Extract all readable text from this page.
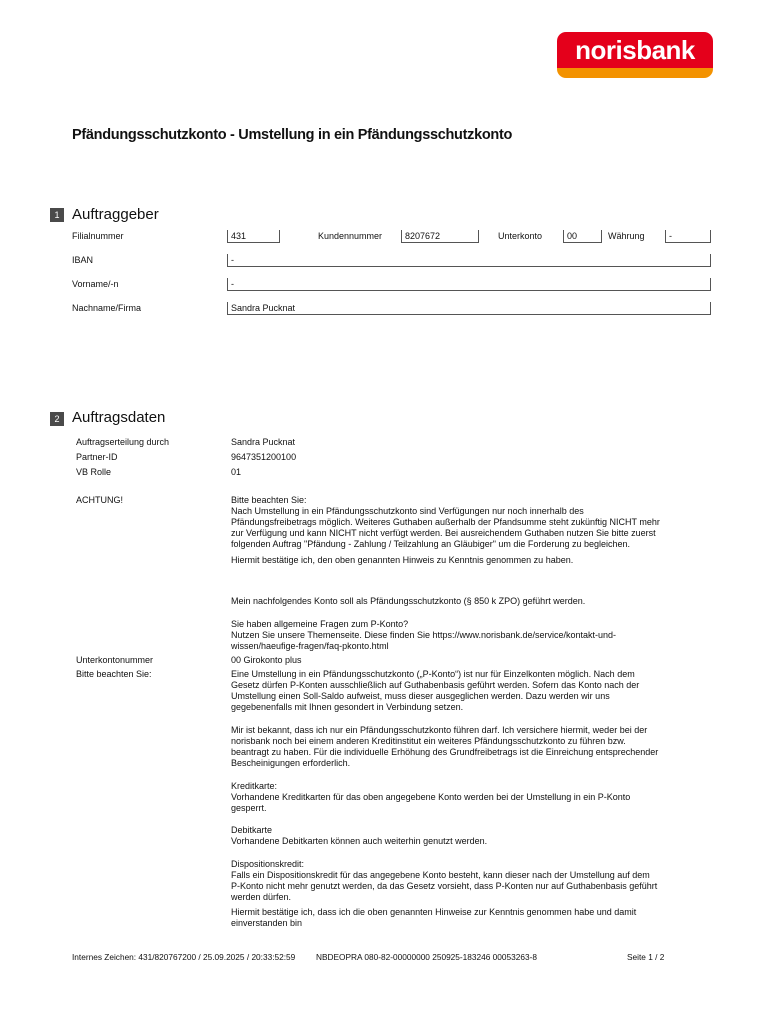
norisbank
Pfändungsschutzkonto - Umstellung in ein Pfändungsschutzkonto
1 Auftraggeber
Filialnummer	431	Kundennummer	8207672	Unterkonto	00	Währung	-
IBAN	-
Vorname/-n	-
Nachname/Firma	Sandra Pucknat
2 Auftragsdaten
Auftragserteilung durch	Sandra Pucknat
Partner-ID	9647351200100
VB Rolle	01
ACHTUNG!	Bitte beachten Sie:
Nach Umstellung in ein Pfändungsschutzkonto sind Verfügungen nur noch innerhalb des
Pfändungsfreibetrags möglich. Weiteres Guthaben außerhalb der Pfandsumme steht zukünftig NICHT mehr
zur Verfügung und kann NICHT nicht verfügt werden. Bei ausreichendem Guthaben nutzen Sie bitte zuerst
folgenden Auftrag "Pfändung - Zahlung / Teilzahlung an Gläubiger" um die Forderung zu begleichen.
Hiermit bestätige ich, den oben genannten Hinweis zu Kenntnis genommen zu haben.
Mein nachfolgendes Konto soll als Pfändungsschutzkonto (§ 850 k ZPO) geführt werden.
Sie haben allgemeine Fragen zum P-Konto?
Nutzen Sie unsere Themenseite. Diese finden Sie https://www.norisbank.de/service/kontakt-und-
wissen/haeufige-fragen/faq-pkonto.html
Unterkontonummer	00 Girokonto plus
Bitte beachten Sie:	Eine Umstellung in ein Pfändungsschutzkonto („P-Konto“) ist nur für Einzelkonten möglich. Nach dem
Gesetz dürfen P-Konten ausschließlich auf Guthabenbasis geführt werden. Sofern das Konto nach der
Umstellung einen Soll-Saldo aufweist, muss dieser ausgeglichen werden. Dazu werden wir uns
gegebenenfalls mit Ihnen gesondert in Verbindung setzen.
Mir ist bekannt, dass ich nur ein Pfändungsschutzkonto führen darf. Ich versichere hiermit, weder bei der
norisbank noch bei einem anderen Kreditinstitut ein weiteres Pfändungsschutzkonto zu führen bzw.
beantragt zu haben. Für die individuelle Erhöhung des Grundfreibetrags ist die Einreichung entsprechender
Bescheinigungen erforderlich.
Kreditkarte:
Vorhandene Kreditkarten für das oben angegebene Konto werden bei der Umstellung in ein P-Konto
gesperrt.
Debitkarte
Vorhandene Debitkarten können auch weiterhin genutzt werden.
Dispositionskredit:
Falls ein Dispositionskredit für das angegebene Konto besteht, kann dieser nach der Umstellung auf dem
P-Konto nicht mehr genutzt werden, da das Gesetz vorsieht, dass P-Konten nur auf Guthabenbasis geführt
werden dürfen.
Hiermit bestätige ich, dass ich die oben genannten Hinweise zur Kenntnis genommen habe und damit
einverstanden bin
Internes Zeichen: 431/820767200 / 25.09.2025 / 20:33:52:59 NBDEOPRA 080-82-00000000 250925-183246 00053263-8	Seite 1 / 2
